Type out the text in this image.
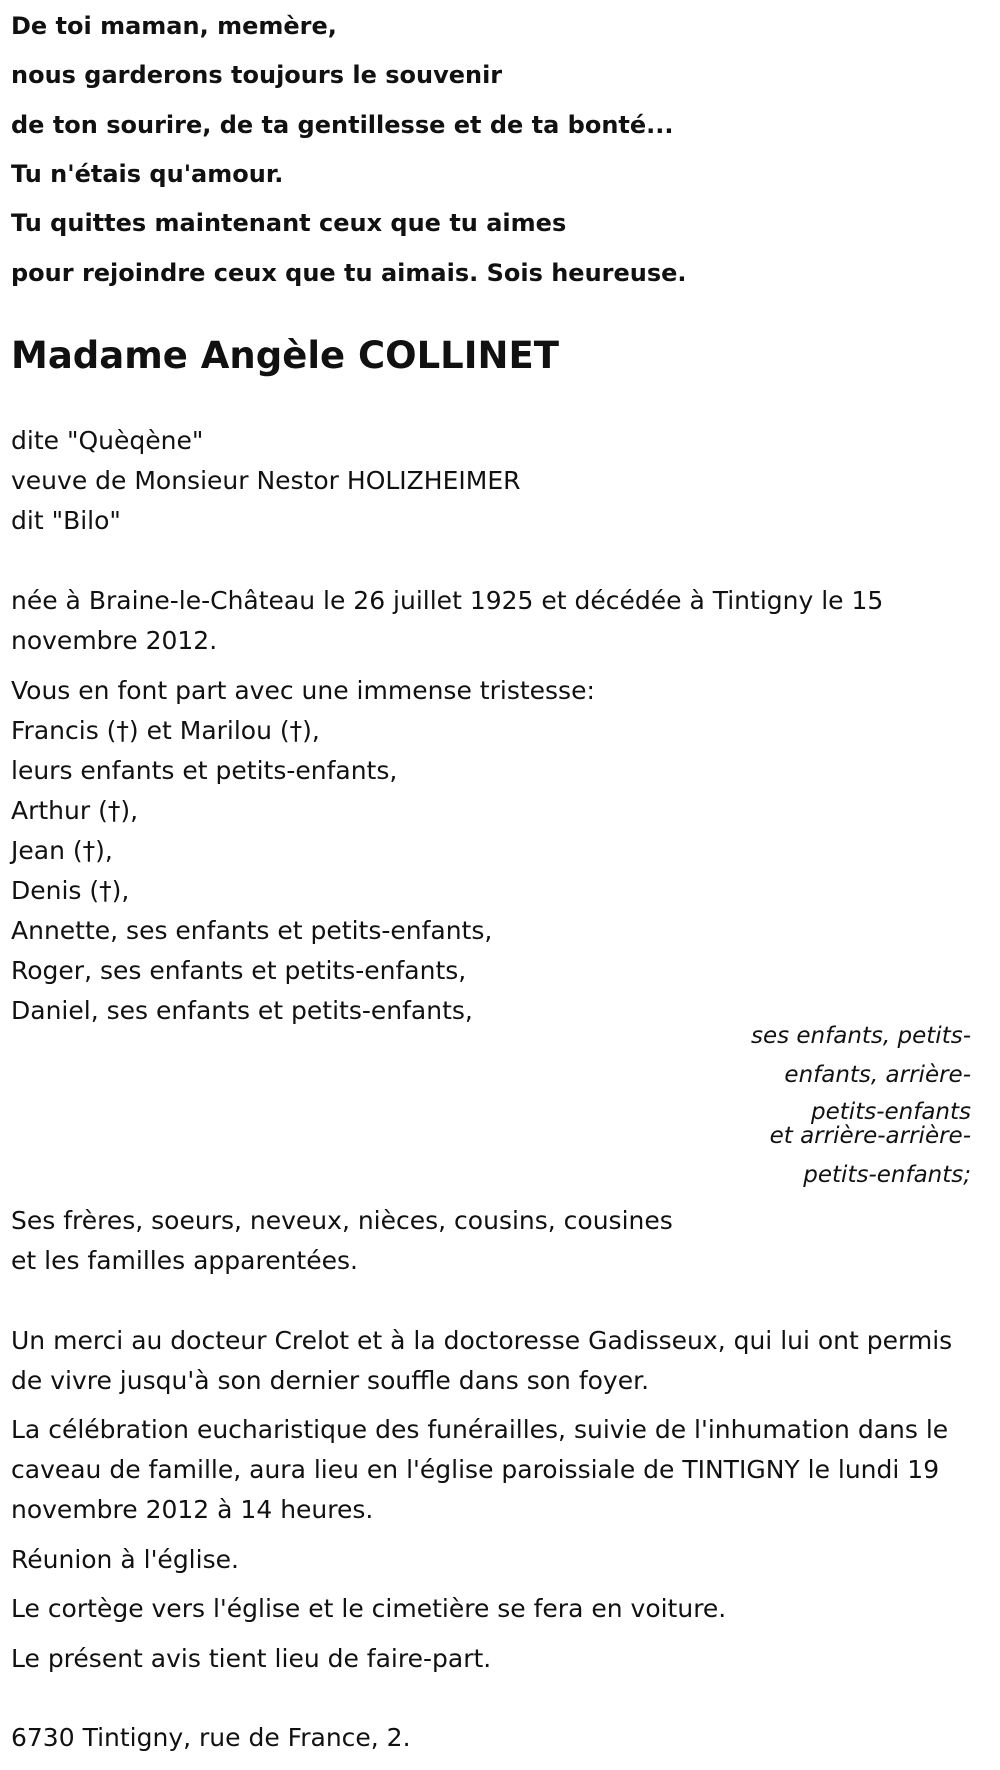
De toi maman, memère,
nous garderons toujours le souvenir
de ton sourire, de ta gentillesse et de ta bonté...
Tu n'étais qu'amour.
Tu quittes maintenant ceux que tu aimes
pour rejoindre ceux que tu aimais. Sois heureuse.
Madame Angèle COLLINET
dite "Quèqène"
veuve de Monsieur Nestor HOLIZHEIMER
dit "Bilo"
née à Braine-le-Château le 26 juillet 1925 et décédée à Tintigny le 15 novembre 2012.
Vous en font part avec une immense tristesse:
Francis (†) et Marilou (†),
leurs enfants et petits-enfants,
Arthur (†),
Jean (†),
Denis (†),
Annette, ses enfants et petits-enfants,
Roger, ses enfants et petits-enfants,
Daniel, ses enfants et petits-enfants,
ses enfants, petits-
enfants, arrière-
petits-enfants
et arrière-arrière-
petits-enfants;
Ses frères, soeurs, neveux, nièces, cousins, cousines
et les familles apparentées.
Un merci au docteur Crelot et à la doctoresse Gadisseux, qui lui ont permis de vivre jusqu'à son dernier souffle dans son foyer.
La célébration eucharistique des funérailles, suivie de l'inhumation dans le caveau de famille, aura lieu en l'église paroissiale de TINTIGNY le lundi 19 novembre 2012 à 14 heures.
Réunion à l'église.
Le cortège vers l'église et le cimetière se fera en voiture.
Le présent avis tient lieu de faire-part.
6730 Tintigny, rue de France, 2.
